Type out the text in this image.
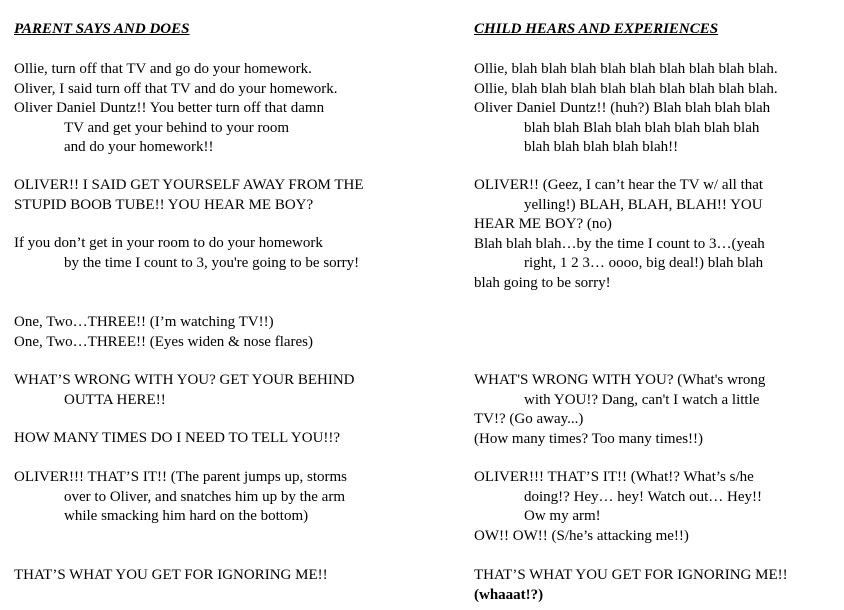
PARENT SAYS AND DOES
Ollie, turn off that TV and go do your homework.
Oliver, I said turn off that TV and do your homework.
Oliver Daniel Duntz!! You better turn off that damn
TV and get your behind to your room
and do your homework!!
OLIVER!! I SAID GET YOURSELF AWAY FROM THE
STUPID BOOB TUBE!! YOU HEAR ME BOY?
If you don’t get in your room to do your homework
by the time I count to 3, you're going to be sorry!
One, Two…THREE!! (I’m watching TV!!)
One, Two…THREE!! (Eyes widen & nose flares)
WHAT’S WRONG WITH YOU? GET YOUR BEHIND
OUTTA HERE!!
HOW MANY TIMES DO I NEED TO TELL YOU!!?
OLIVER!!! THAT’S IT!! (The parent jumps up, storms
over to Oliver, and snatches him up by the arm
while smacking him hard on the bottom)
THAT’S WHAT YOU GET FOR IGNORING ME!!
CHILD HEARS AND EXPERIENCES
Ollie, blah blah blah blah blah blah blah blah blah.
Ollie, blah blah blah blah blah blah blah blah blah.
Oliver Daniel Duntz!! (huh?) Blah blah blah blah
blah blah Blah blah blah blah blah blah
blah blah blah blah blah!!
OLIVER!! (Geez, I can’t hear the TV w/ all that
yelling!) BLAH, BLAH, BLAH!! YOU
HEAR ME BOY? (no)
Blah blah blah…by the time I count to 3…(yeah
right, 1 2 3… oooo, big deal!) blah blah
blah going to be sorry!
WHAT'S WRONG WITH YOU? (What's wrong
with YOU!? Dang, can't I watch a little
TV!? (Go away...)
(How many times? Too many times!!)
OLIVER!!! THAT’S IT!! (What!? What’s s/he
doing!? Hey… hey! Watch out… Hey!!
Ow my arm!
OW!! OW!! (S/he’s attacking me!!)
THAT’S WHAT YOU GET FOR IGNORING ME!!
(whaaat!?)
